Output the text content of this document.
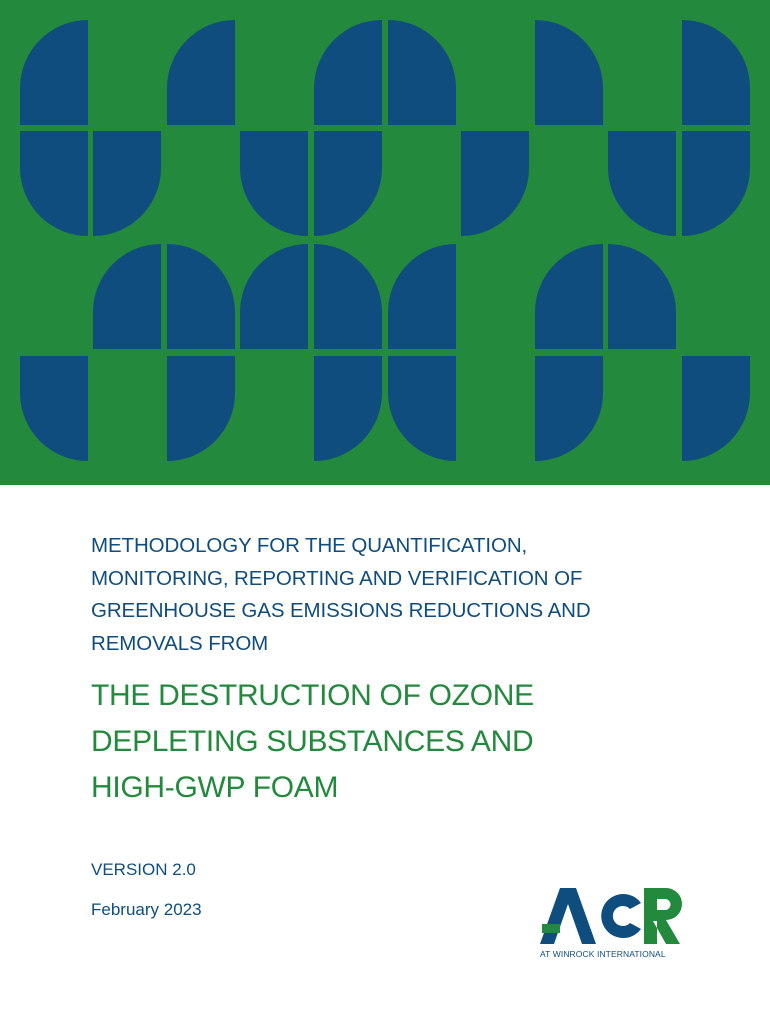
METHODOLOGY FOR THE QUANTIFICATION,
MONITORING, REPORTING AND VERIFICATION OF
GREENHOUSE GAS EMISSIONS REDUCTIONS AND
REMOVALS FROM
THE DESTRUCTION OF OZONE
DEPLETING SUBSTANCES AND
HIGH-GWP FOAM
VERSION 2.0
February 2023
AT WINROCK INTERNATIONAL
